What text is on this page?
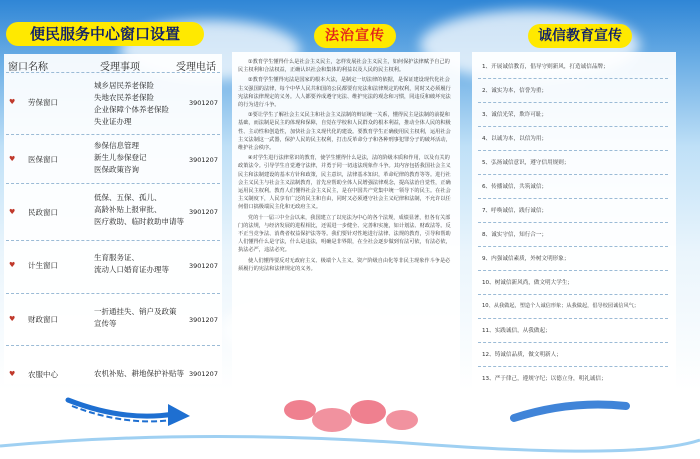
便民服务中心窗口设置	法治宣传	诚信教育宣传
窗口名称	受理事项	受理电话
♥ 劳保窗口
城乡居民养老保险
失地农民养老保险
企业保障个体养老保险
失业证办理
3901207
♥ 医保窗口
参保信息管理
新生儿参保登记
医保政策咨询
3901207
♥ 民政窗口
低保、五保、孤儿、
高龄补贴上报审批、
医疗救助、临时救助申请等
3901207
♥ 计生窗口
生育服务证、
流动人口婚育证办理等	3901207
♥ 财政窗口
一折通挂失、销户及政策
宣传等	3901207
♥ 农服中心	农机补贴、耕地保护补贴等 3901207

①教育学生懂得什么是社会主义民主，怎样发展社会主义民主，如何保护法律赋予自己的民主权利和合法权益，正确认识社会和集体的利益以及人民的民主权利。

②教育学生懂得宪法是国家的根本大法，是制定一切法律的依据，是保证建设现代化社会主义强国的法律，每个中华人民共和国的公民都要有宪法和法律规定的权利，同时又必须履行宪法和法律规定的义务。人人都要养成遵守宪法、维护宪法的观念和习惯，同违反和破坏宪法的行为进行斗争。

③要让学生了解社会主义民主和社会主义法制的辩证统一关系，懂得民主是法制的前提和基础，而法制是民主的体现和保障，自觉在学校和人民群众的根本利益，推动全体人民的积极性、主动性和创造性，加快社会主义现代化的建设。要教育学生正确使用民主权利，运用社会主义法制这一武器，保护人民的民主权利，打击反革命分子和各种刑事犯罪分子的破坏活动，维护社会秩序。

④对学生进行法律常识的教育，使学生懂得什么是法，法的阶级本质和作用，以及有关的政策法令。引导学生自觉遵守法律，并勇于同一切违法现象作斗争。其内容包括我国社会主义民主和法制建设的基本方针和政策，民主意识，法律基本知识，革命纪律的教育等等。进行社会主义民主与社会主义法制教育，首先应帮助全体人民增强法律观念，提高法治自觉性，正确运用民主权利。教育人们懂得社会主义民主，是在中国共产党集中统一领导下的民主。在社会主义制度下，人民享有广泛的民主和自由，同时又必须遵守社会主义纪律和法制，不允许以任何借口搞极端民主化和无政府主义。

党的十一届三中全会以来，我国建立了以宪法为中心的各个法规，成绩显著，但各有关部门的法规，与经济发展的进程相比，还需进一步健全、完善和实施，如计划法、财政法等。反不正当竞争法、消费者权益保护法等等。我们要针对性地进行法律、法规的教育，引导和帮助人们懂得什么是守法，什么是违法，明确是非界限，在全社会逐步做到有法可依，有法必依，执法必严，违法必究。

使人们懂得要反对无政府主义、极端个人主义、资产阶级自由化等非民主现象作斗争是必须履行的宪法和法律规定的义务。

1、开展诚信教育，倡导守则新风，打造诚信品牌；
2、诚实为本，信誉为重；
3、诚信光荣，欺诈可耻；
4、以诚为本，以信为用；
5、弘扬诚信意识，遵守信用规则；
6、传播诚信，共筑诚信；
7、呼唤诚信，践行诚信；
8、诚实守信，知行合一；
9、内强诚信素质，外树文明形象；
10、树诚信新风尚，做文明大学生；
10、从我做起，塑造个人诚信形象；从我做起，倡导校园诚信风气；
11、实践诚信，从我做起；
12、铸诚信品质，做文明新人；
13、严于律己，遵规守纪；以德立身，明礼诚信；
